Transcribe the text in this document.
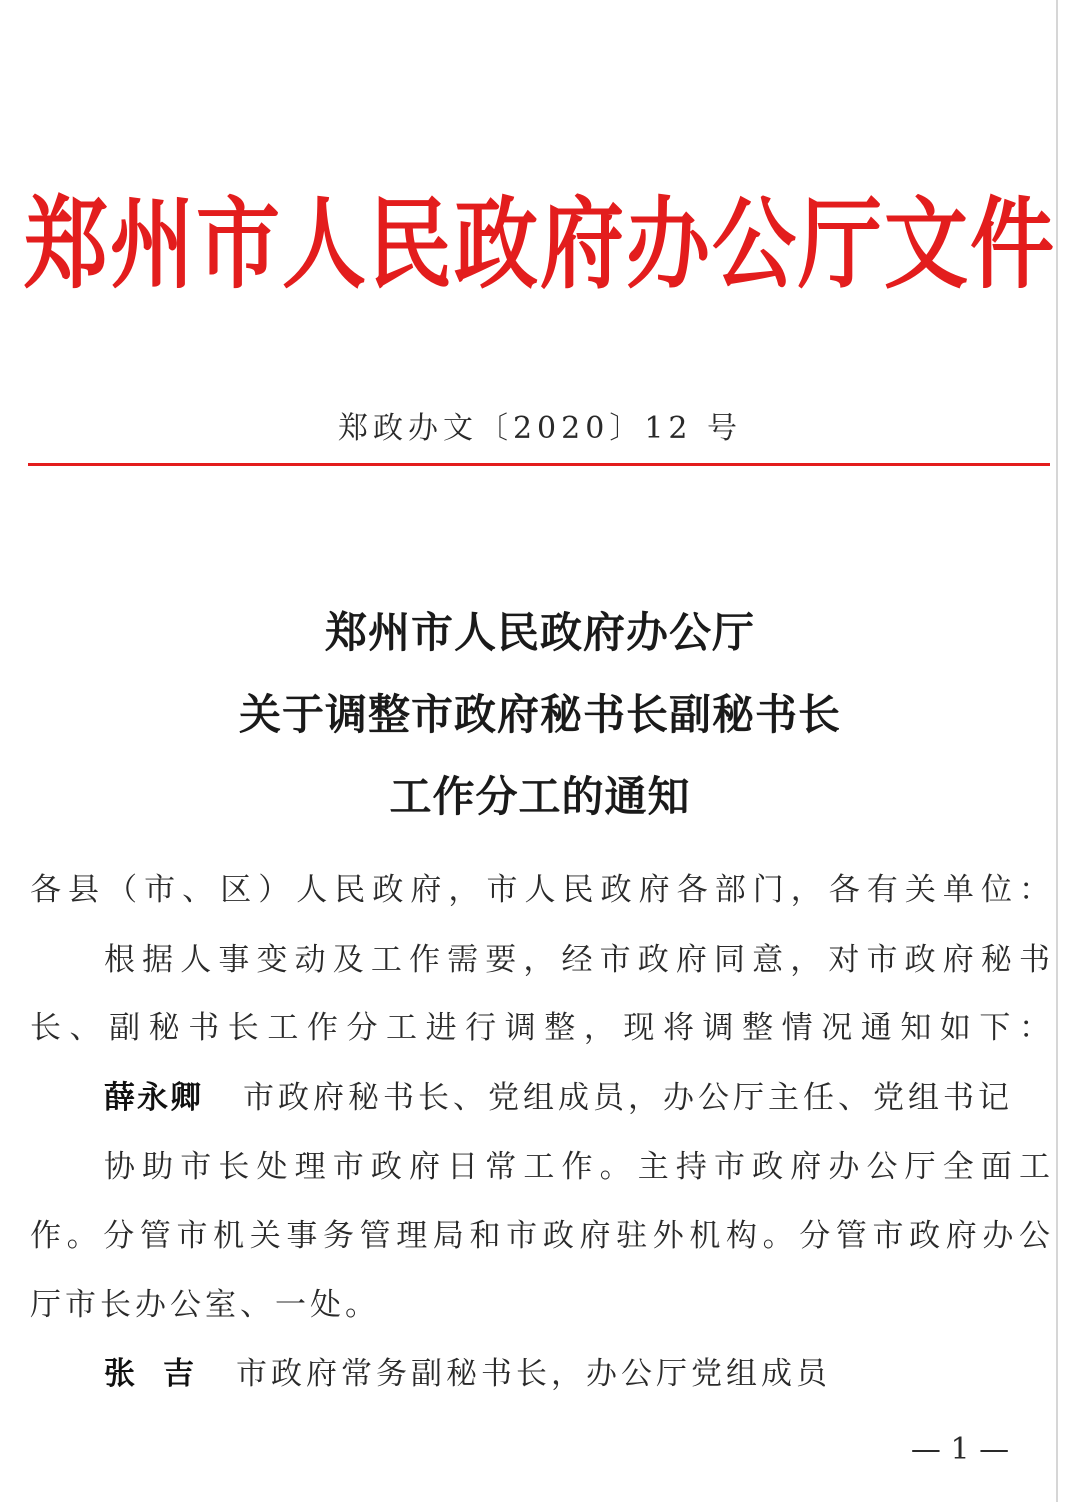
郑州市人民政府办公厅文件
郑政办文〔2020〕12 号
郑州市人民政府办公厅
关于调整市政府秘书长副秘书长
工作分工的通知
各县（市、区）人民政府，市人民政府各部门，各有关单位：
根据人事变动及工作需要，经市政府同意，对市政府秘书
长、副秘书长工作分工进行调整，现将调整情况通知如下：
薛永卿 市政府秘书长、党组成员，办公厅主任、党组书记
协助市长处理市政府日常工作。主持市政府办公厅全面工
作。分管市机关事务管理局和市政府驻外机构。分管市政府办公
厅市长办公室、一处。
张吉 市政府常务副秘书长，办公厅党组成员
— 1 —
